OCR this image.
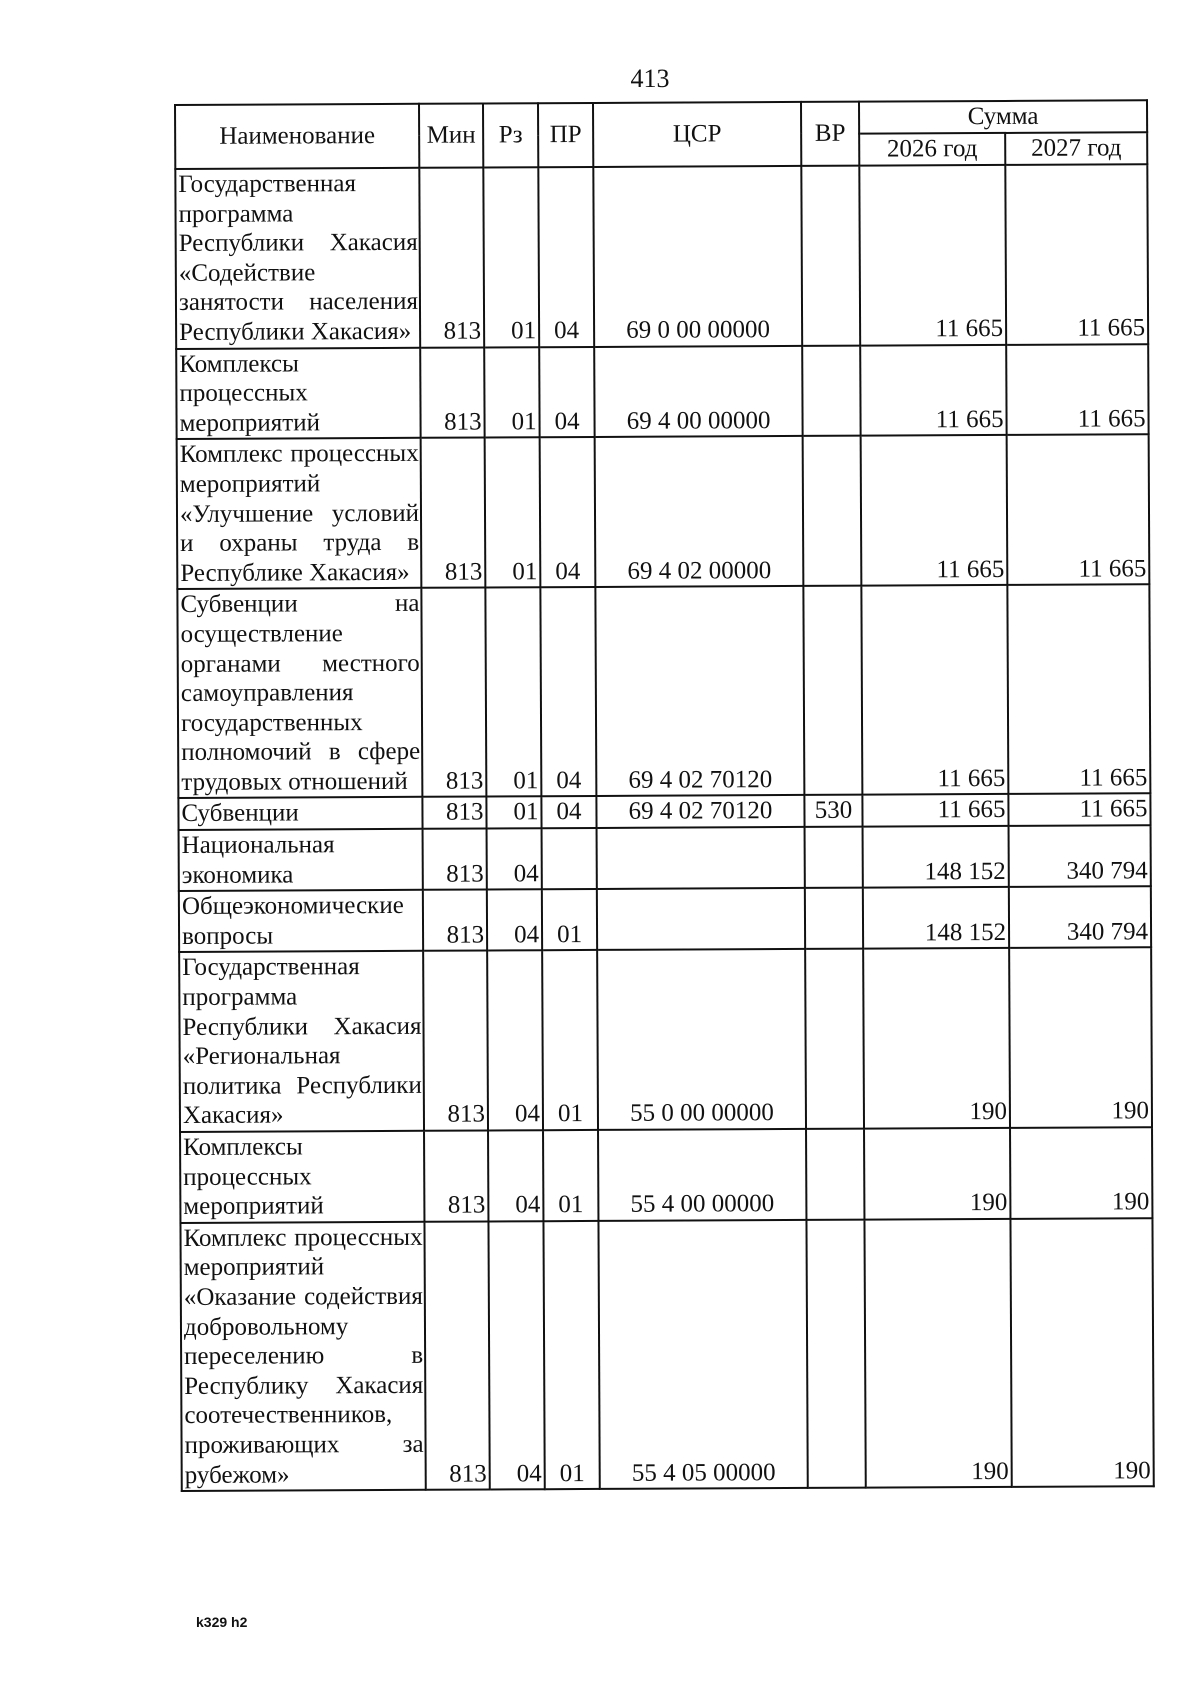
413
Наименование	Мин	Рз	ПР	ЦСР	ВР	Сумма	
						2026 год	2027 год
Государственная программа Республики Хакасия «Содействие занятости населения Республики Хакасия»	813	01	04	69 0 00 00000		11 665	11 665
Комплексы процессных мероприятий	813	01	04	69 4 00 00000		11 665	11 665
Комплекс процессных мероприятий «Улучшение условий и охраны труда в Республике Хакасия»	813	01	04	69 4 02 00000		11 665	11 665
Субвенции на осуществление органами местного самоуправления государственных полномочий в сфере трудовых отношений	813	01	04	69 4 02 70120		11 665	11 665
Субвенции	813	01	04	69 4 02 70120	530	11 665	11 665
Национальная экономика	813	04				148 152	340 794
Общеэкономические вопросы	813	04	01			148 152	340 794
Государственная программа Республики Хакасия «Региональная политика Республики Хакасия»	813	04	01	55 0 00 00000		190	190
Комплексы процессных мероприятий	813	04	01	55 4 00 00000		190	190
Комплекс процессных мероприятий «Оказание содействия добровольному переселению в Республику Хакасия соотечественников, проживающих за рубежом»	813	04	01	55 4 05 00000		190	190
k329 h2
